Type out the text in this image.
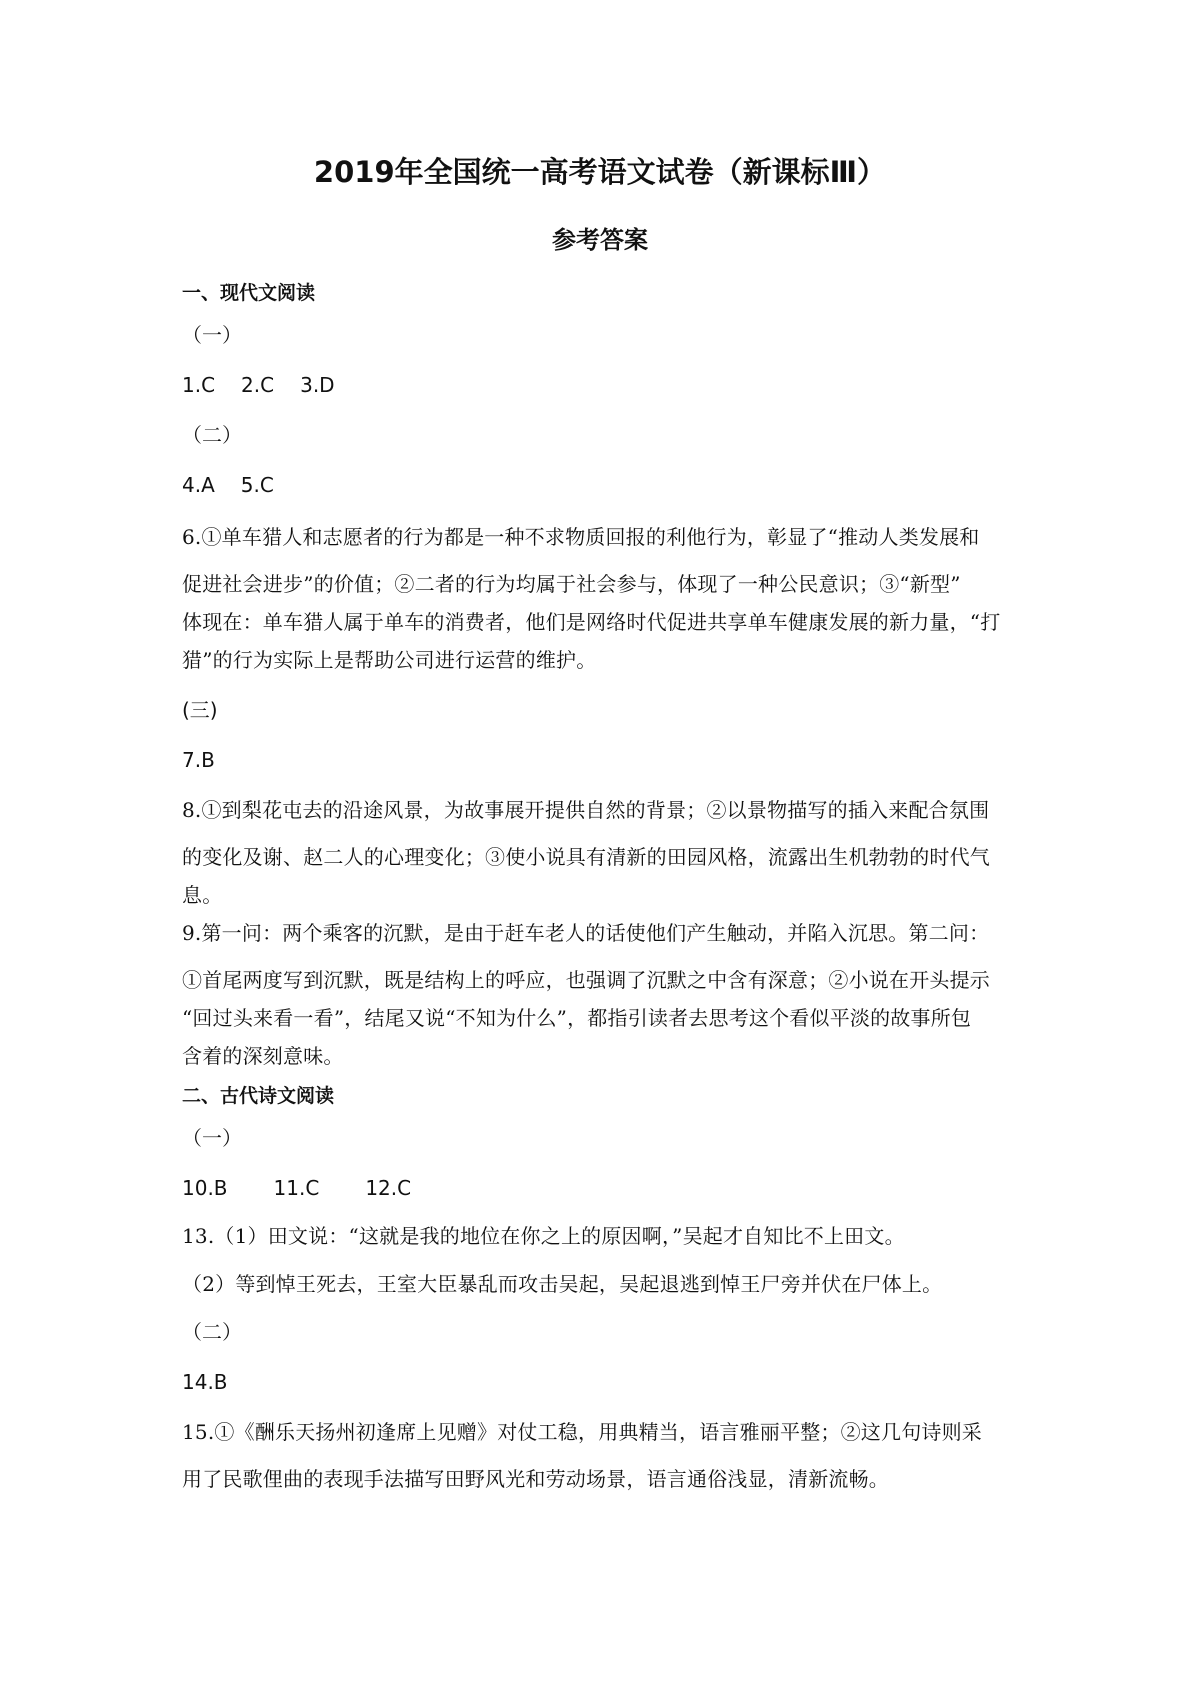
2019年全国统一高考语文试卷（新课标Ⅲ）
参考答案
一、现代文阅读
（一）
1.C 2.C 3.D
（二）
4.A 5.C
6.①单车猎人和志愿者的行为都是一种不求物质回报的利他行为，彰显了“推动人类发展和
促进社会进步”的价值；②二者的行为均属于社会参与，体现了一种公民意识；③“新型”
体现在：单车猎人属于单车的消费者，他们是网络时代促进共享单车健康发展的新力量，“打
猎”的行为实际上是帮助公司进行运营的维护。
(三)
7.B
8.①到梨花屯去的沿途风景，为故事展开提供自然的背景；②以景物描写的插入来配合氛围
的变化及谢、赵二人的心理变化；③使小说具有清新的田园风格，流露出生机勃勃的时代气
息。
9.第一问：两个乘客的沉默，是由于赶车老人的话使他们产生触动，并陷入沉思。第二问：
①首尾两度写到沉默，既是结构上的呼应，也强调了沉默之中含有深意；②小说在开头提示
“回过头来看一看”，结尾又说“不知为什么”，都指引读者去思考这个看似平淡的故事所包
含着的深刻意味。
二、古代诗文阅读
（一）
10.B 11.C 12.C
13.（1）田文说：“这就是我的地位在你之上的原因啊，”吴起才自知比不上田文。
（2）等到悼王死去，王室大臣暴乱而攻击吴起，吴起退逃到悼王尸旁并伏在尸体上。
（二）
14.B
15.①《酬乐天扬州初逢席上见赠》对仗工稳，用典精当，语言雅丽平整；②这几句诗则采
用了民歌俚曲的表现手法描写田野风光和劳动场景，语言通俗浅显，清新流畅。
